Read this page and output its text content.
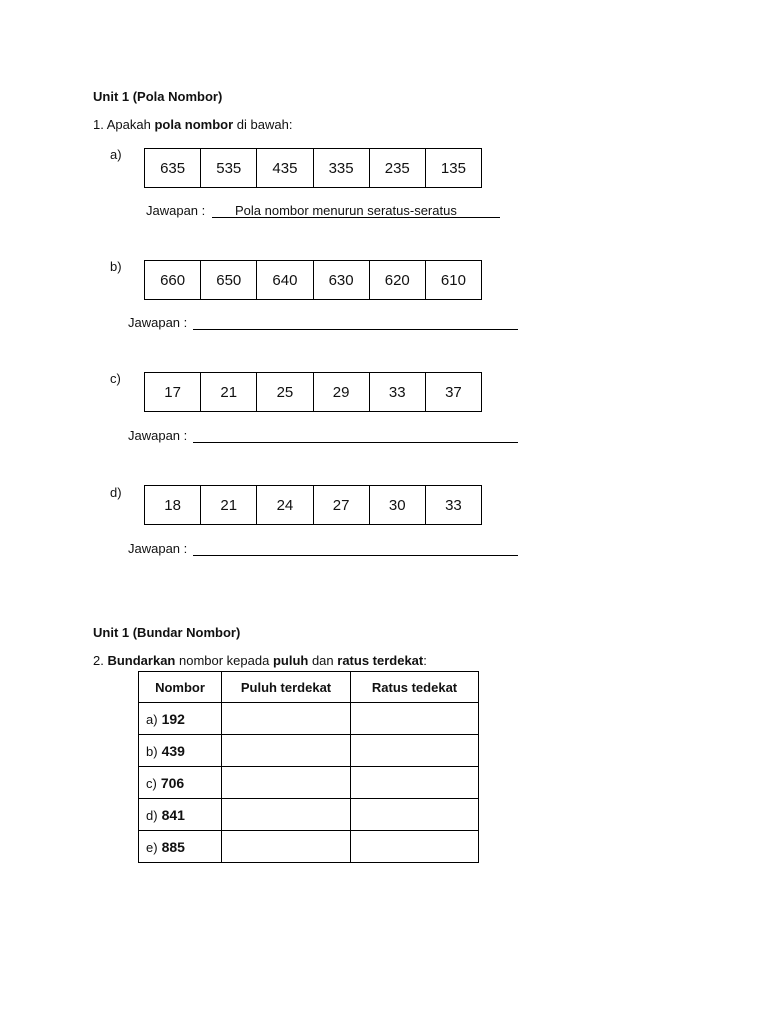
Unit 1 (Pola Nombor)
1. Apakah pola nombor di bawah:
a)
635	535	435	335	235	135
Jawapan : Pola nombor menurun seratus-seratus
b)
660	650	640	630	620	610
Jawapan :
c)
17	21	25	29	33	37
Jawapan :
d)
18	21	24	27	30	33
Jawapan :
Unit 1 (Bundar Nombor)
2. Bundarkan nombor kepada puluh dan ratus terdekat:
Nombor	Puluh terdekat	Ratus tedekat
a) 192		
b) 439		
c) 706		
d) 841		
e) 885		
